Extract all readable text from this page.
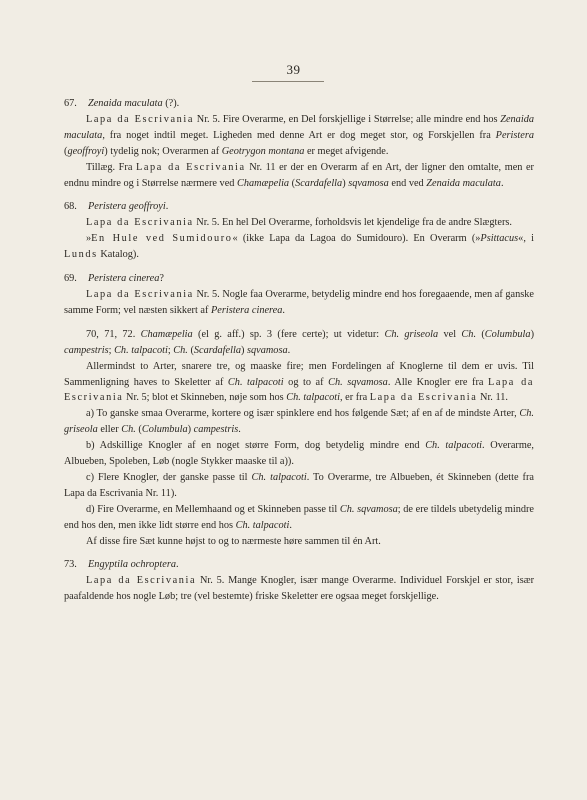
39

67. Zenaida maculata (?).

Lapa da Escrivania Nr. 5. Fire Overarme, en Del forskjellige i Størrelse; alle mindre end hos Zenaida maculata, fra noget indtil meget. Ligheden med denne Art er dog meget stor, og Forskjellen fra Peristera (geoffroyi) tydelig nok; Overarmen af Geotrygon montana er meget afvigende.

Tillæg. Fra Lapa da Escrivania Nr. 11 er der en Overarm af en Art, der ligner den omtalte, men er endnu mindre og i Størrelse nærmere ved Chamæpelia (Scardafella) sqvamosa end ved Zenaida maculata.

68. Peristera geoffroyi.

Lapa da Escrivania Nr. 5. En hel Del Overarme, forholdsvis let kjendelige fra de andre Slægters.

»En Hule ved Sumidouro« (ikke Lapa da Lagoa do Sumidouro). En Overarm (»Psittacus«, i Lunds Katalog).

69. Peristera cinerea?

Lapa da Escrivania Nr. 5. Nogle faa Overarme, betydelig mindre end hos foregaaende, men af ganske samme Form; vel næsten sikkert af Peristera cinerea.

70, 71, 72. Chamæpelia (el g. aff.) sp. 3 (fere certe); ut videtur: Ch. griseola vel Ch. (Columbula) campestris; Ch. talpacoti; Ch. (Scardafella) sqvamosa.

Allermindst to Arter, snarere tre, og maaske fire; men Fordelingen af Knoglerne til dem er uvis. Til Sammenligning haves to Skeletter af Ch. talpacoti og to af Ch. sqvamosa. Alle Knogler ere fra Lapa da Escrivania Nr. 5; blot et Skinneben, nøje som hos Ch. talpacoti, er fra Lapa da Escrivania Nr. 11.

a) To ganske smaa Overarme, kortere og især spinklere end hos følgende Sæt; af en af de mindste Arter, Ch. griseola eller Ch. (Columbula) campestris.

b) Adskillige Knogler af en noget større Form, dog betydelig mindre end Ch. talpacoti. Overarme, Albueben, Spoleben, Løb (nogle Stykker maaske til a)).

c) Flere Knogler, der ganske passe til Ch. talpacoti. To Overarme, tre Albueben, ét Skinneben (dette fra Lapa da Escrivania Nr. 11).

d) Fire Overarme, en Mellemhaand og et Skinneben passe til Ch. sqvamosa; de ere tildels ubetydelig mindre end hos den, men ikke lidt større end hos Ch. talpacoti.

Af disse fire Sæt kunne højst to og to nærmeste høre sammen til én Art.

73. Engyptila ochroptera.

Lapa da Escrivania Nr. 5. Mange Knogler, især mange Overarme. Individuel Forskjel er stor, især paafaldende hos nogle Løb; tre (vel bestemte) friske Skeletter ere ogsaa meget forskjellige.
